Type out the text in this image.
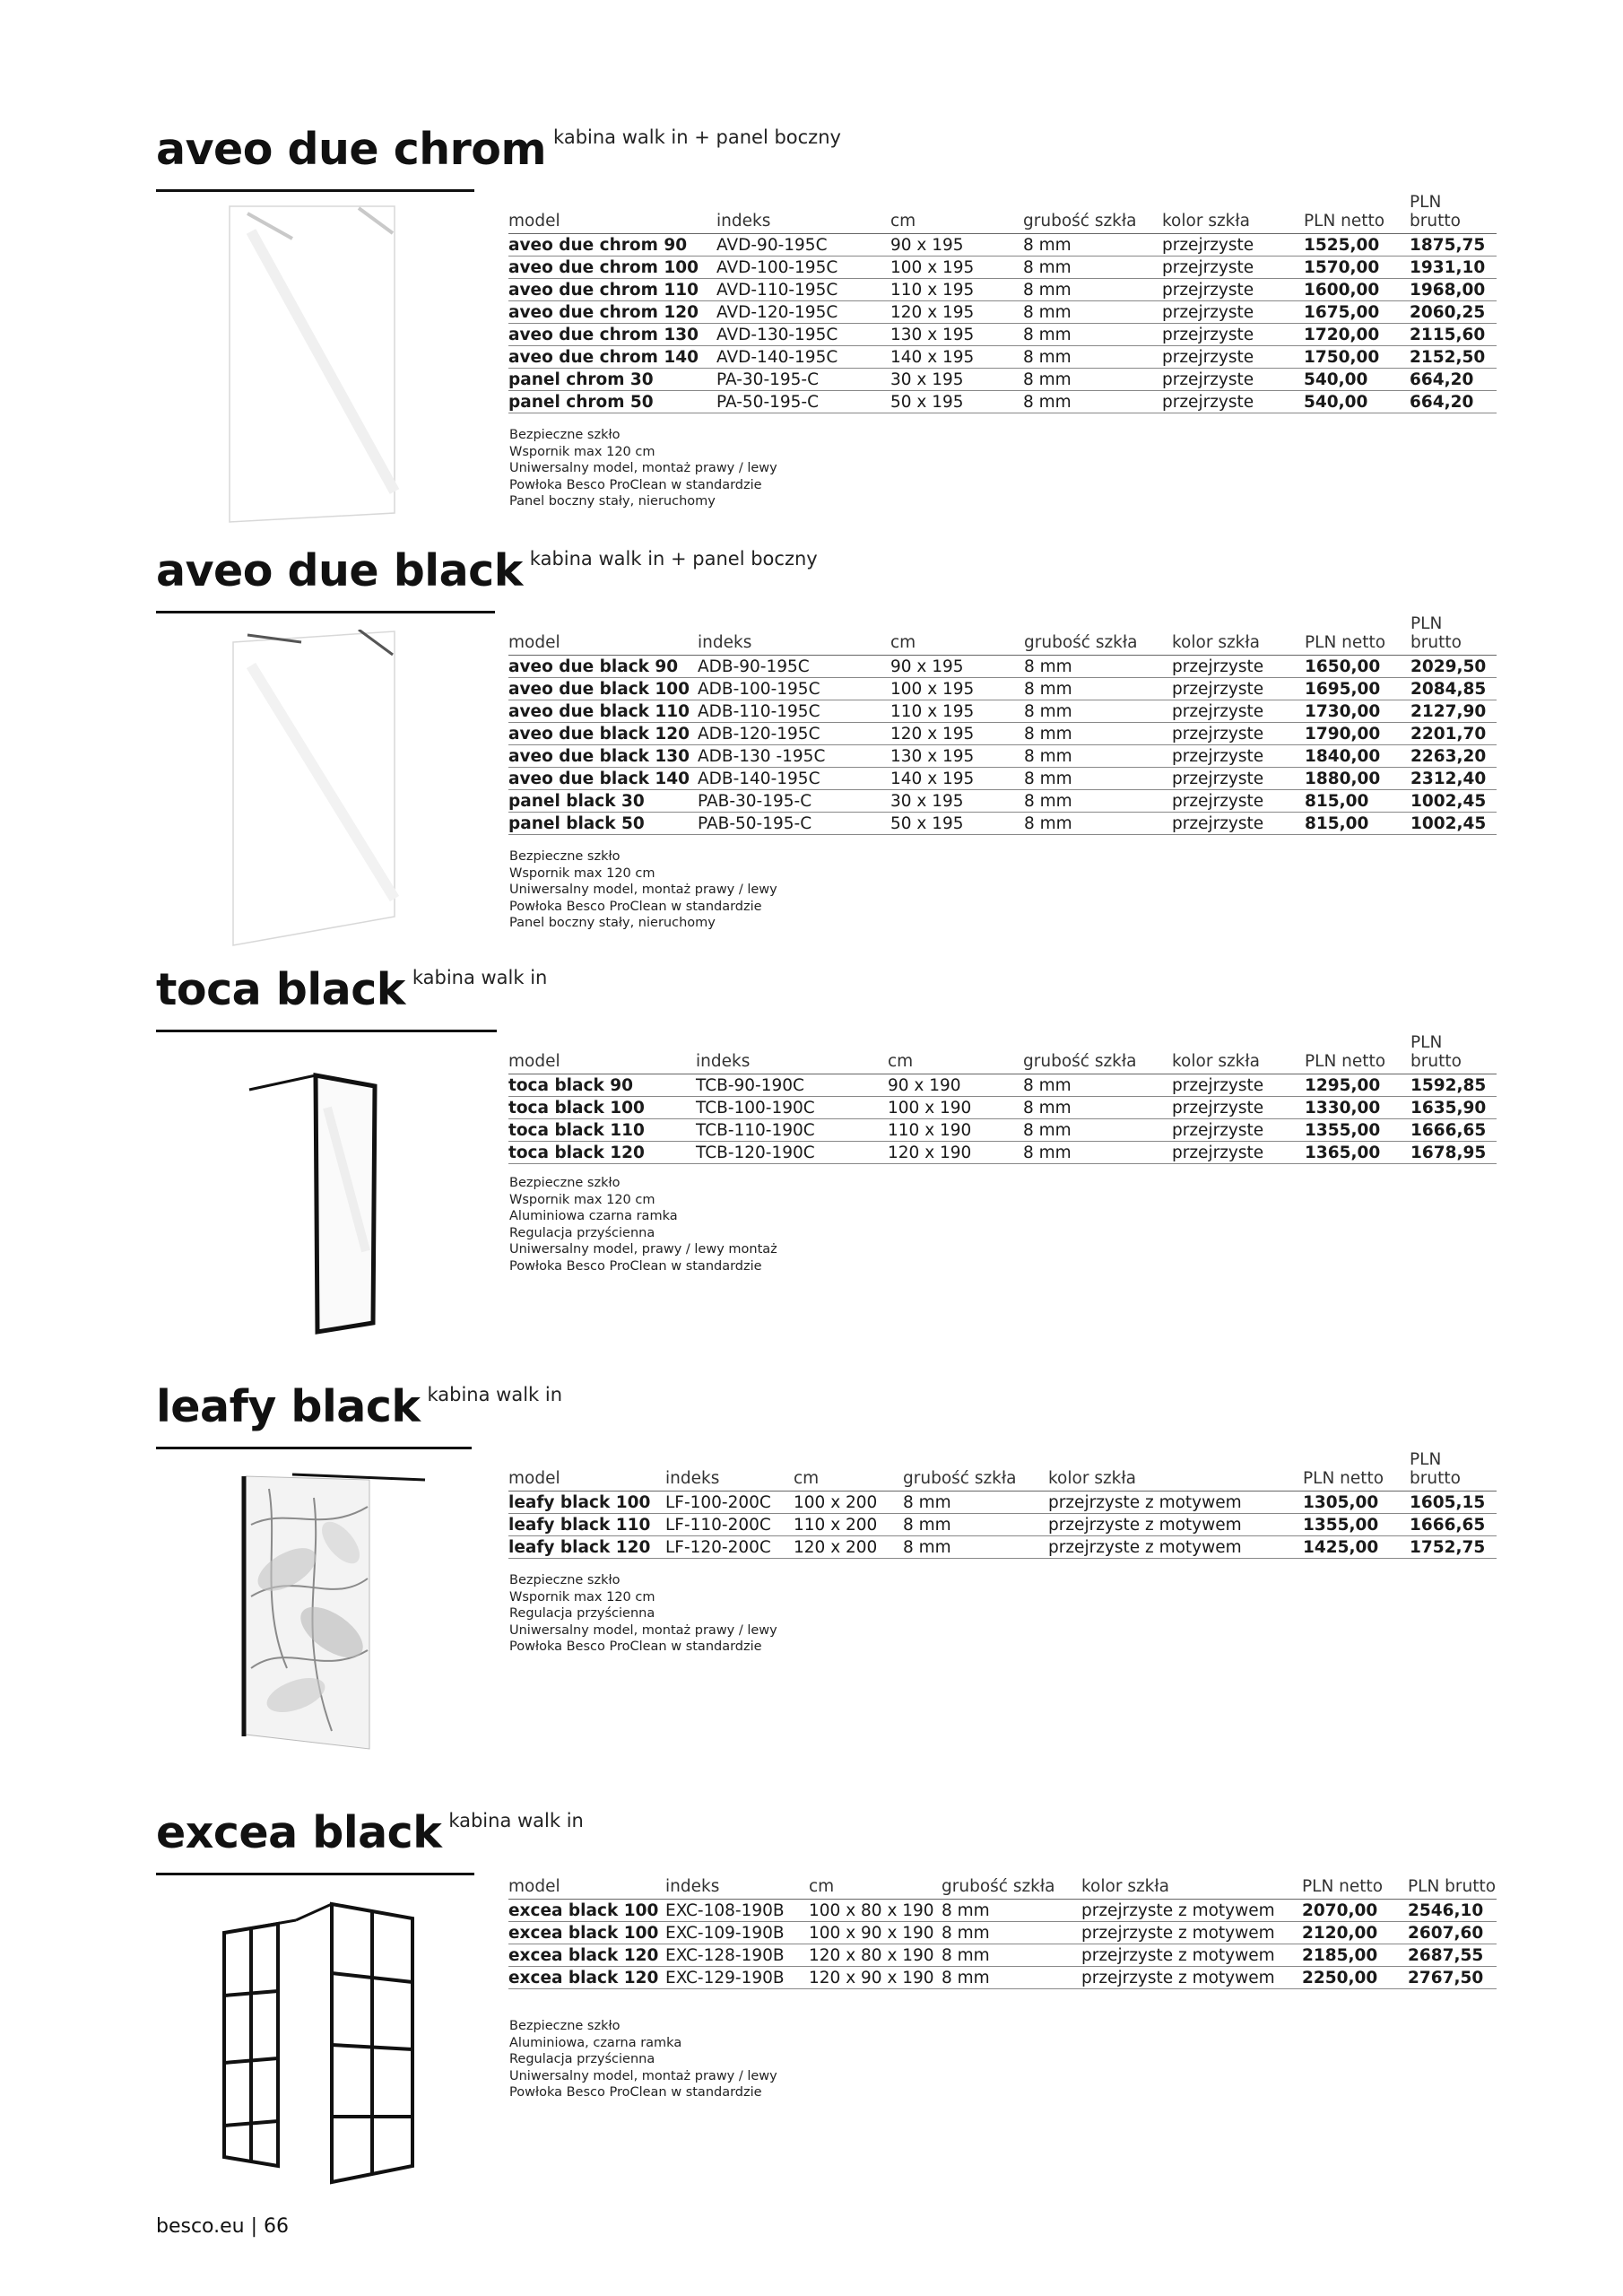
aveo due chrom kabina walk in + panel boczny
model	indeks	cm	grubość szkła	kolor szkła	PLN netto	PLN brutto
aveo due chrom 90	AVD-90-195C	90 x 195	8 mm	przejrzyste	1525,00	1875,75
aveo due chrom 100	AVD-100-195C	100 x 195	8 mm	przejrzyste	1570,00	1931,10
aveo due chrom 110	AVD-110-195C	110 x 195	8 mm	przejrzyste	1600,00	1968,00
aveo due chrom 120	AVD-120-195C	120 x 195	8 mm	przejrzyste	1675,00	2060,25
aveo due chrom 130	AVD-130-195C	130 x 195	8 mm	przejrzyste	1720,00	2115,60
aveo due chrom 140	AVD-140-195C	140 x 195	8 mm	przejrzyste	1750,00	2152,50
panel chrom 30	PA-30-195-C	30 x 195	8 mm	przejrzyste	540,00	664,20
panel chrom 50	PA-50-195-C	50 x 195	8 mm	przejrzyste	540,00	664,20
Bezpieczne szkło
Wspornik max 120 cm
Uniwersalny model, montaż prawy / lewy
Powłoka Besco ProClean w standardzie
Panel boczny stały, nieruchomy
aveo due black kabina walk in + panel boczny
model	indeks	cm	grubość szkła	kolor szkła	PLN netto	PLN brutto
aveo due black 90	ADB-90-195C	90 x 195	8 mm	przejrzyste	1650,00	2029,50
aveo due black 100	ADB-100-195C	100 x 195	8 mm	przejrzyste	1695,00	2084,85
aveo due black 110	ADB-110-195C	110 x 195	8 mm	przejrzyste	1730,00	2127,90
aveo due black 120	ADB-120-195C	120 x 195	8 mm	przejrzyste	1790,00	2201,70
aveo due black 130	ADB-130 -195C	130 x 195	8 mm	przejrzyste	1840,00	2263,20
aveo due black 140	ADB-140-195C	140 x 195	8 mm	przejrzyste	1880,00	2312,40
panel black 30	PAB-30-195-C	30 x 195	8 mm	przejrzyste	815,00	1002,45
panel black 50	PAB-50-195-C	50 x 195	8 mm	przejrzyste	815,00	1002,45
Bezpieczne szkło
Wspornik max 120 cm
Uniwersalny model, montaż prawy / lewy
Powłoka Besco ProClean w standardzie
Panel boczny stały, nieruchomy
toca black kabina walk in
model	indeks	cm	grubość szkła	kolor szkła	PLN netto	PLN brutto
toca black 90	TCB-90-190C	90 x 190	8 mm	przejrzyste	1295,00	1592,85
toca black 100	TCB-100-190C	100 x 190	8 mm	przejrzyste	1330,00	1635,90
toca black 110	TCB-110-190C	110 x 190	8 mm	przejrzyste	1355,00	1666,65
toca black 120	TCB-120-190C	120 x 190	8 mm	przejrzyste	1365,00	1678,95
Bezpieczne szkło
Wspornik max 120 cm
Aluminiowa czarna ramka
Regulacja przyścienna
Uniwersalny model, prawy / lewy montaż
Powłoka Besco ProClean w standardzie
leafy black kabina walk in
model	indeks	cm	grubość szkła	kolor szkła	PLN netto	PLN brutto
leafy black 100	LF-100-200C	100 x 200	8 mm	przejrzyste z motywem	1305,00	1605,15
leafy black 110	LF-110-200C	110 x 200	8 mm	przejrzyste z motywem	1355,00	1666,65
leafy black 120	LF-120-200C	120 x 200	8 mm	przejrzyste z motywem	1425,00	1752,75
Bezpieczne szkło
Wspornik max 120 cm
Regulacja przyścienna
Uniwersalny model, montaż prawy / lewy
Powłoka Besco ProClean w standardzie
excea black kabina walk in
model	indeks	cm	grubość szkła	kolor szkła	PLN netto	PLN brutto
excea black 100	EXC-108-190B	100 x 80 x 190	8 mm	przejrzyste z motywem	2070,00	2546,10
excea black 100	EXC-109-190B	100 x 90 x 190	8 mm	przejrzyste z motywem	2120,00	2607,60
excea black 120	EXC-128-190B	120 x 80 x 190	8 mm	przejrzyste z motywem	2185,00	2687,55
excea black 120	EXC-129-190B	120 x 90 x 190	8 mm	przejrzyste z motywem	2250,00	2767,50
Bezpieczne szkło
Aluminiowa, czarna ramka
Regulacja przyścienna
Uniwersalny model, montaż prawy / lewy
Powłoka Besco ProClean w standardzie
besco.eu | 66
